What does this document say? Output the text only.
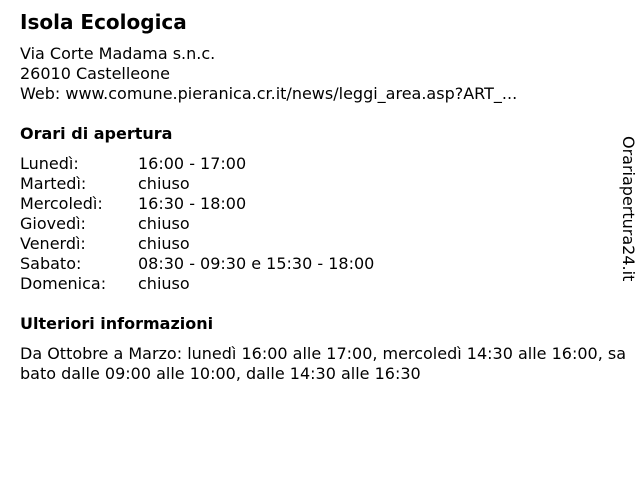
Isola Ecologica
Via Corte Madama s.n.c.
26010 Castelleone
Web: www.comune.pieranica.cr.it/news/leggi_area.asp?ART_...
Orari di apertura
Lunedì:	16:00 - 17:00
Martedì:	chiuso
Mercoledì:	16:30 - 18:00
Giovedì:	chiuso
Venerdì:	chiuso
Sabato:	08:30 - 09:30 e 15:30 - 18:00
Domenica:	chiuso
Ulteriori informazioni
Da Ottobre a Marzo: lunedì 16:00 alle 17:00, mercoledì 14:30 alle 16:00, sabato dalle 09:00 alle 10:00, dalle 14:30 alle 16:30
Orariapertura24.it
